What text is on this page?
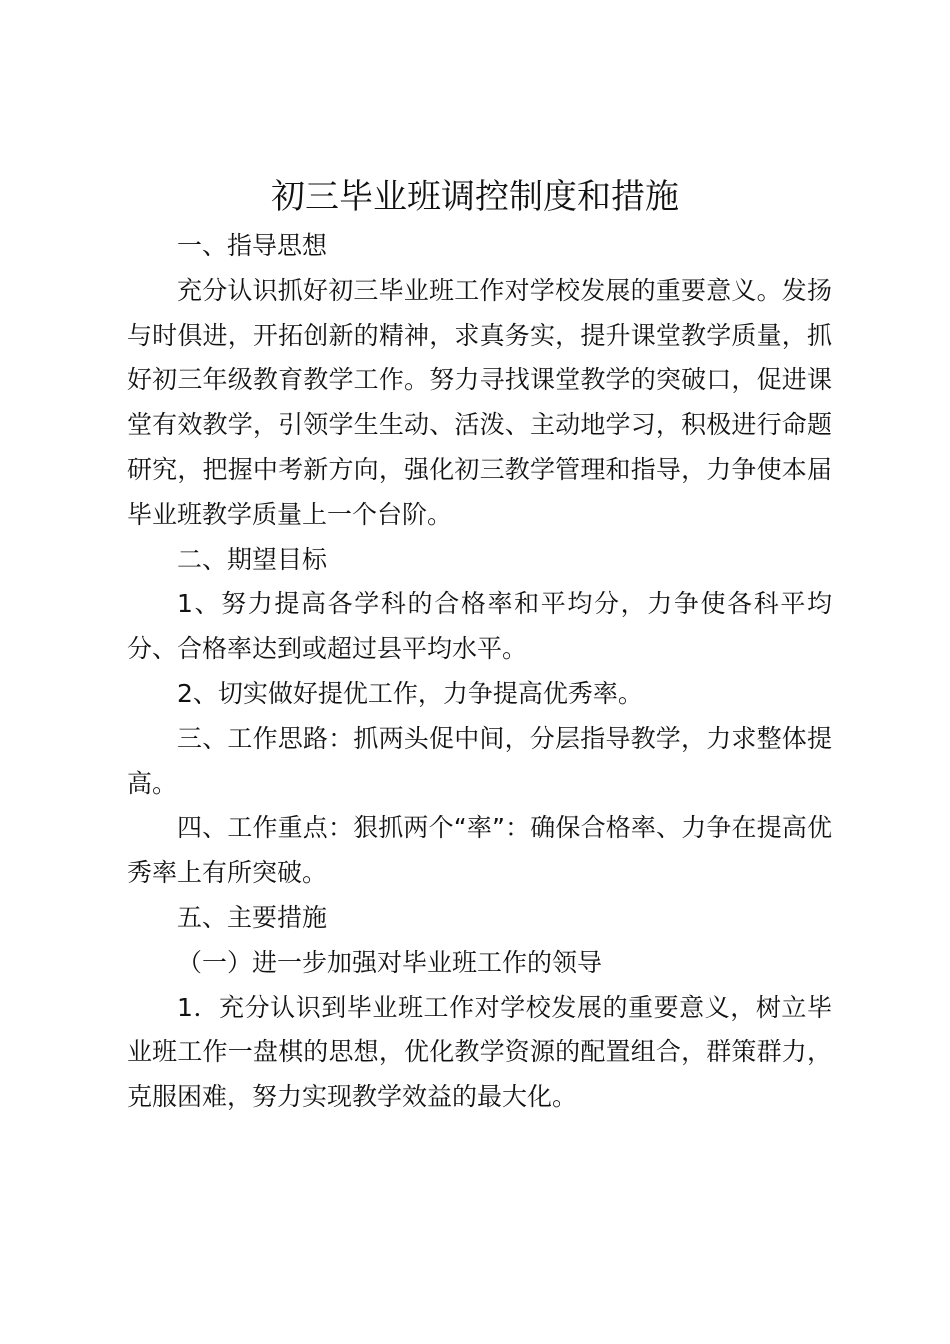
初三毕业班调控制度和措施

一、指导思想

充分认识抓好初三毕业班工作对学校发展的重要意义。发扬与时俱进，开拓创新的精神，求真务实，提升课堂教学质量，抓好初三年级教育教学工作。努力寻找课堂教学的突破口，促进课堂有效教学，引领学生生动、活泼、主动地学习，积极进行命题研究，把握中考新方向，强化初三教学管理和指导，力争使本届毕业班教学质量上一个台阶。

二、期望目标

1、努力提高各学科的合格率和平均分，力争使各科平均分、合格率达到或超过县平均水平。

2、切实做好提优工作，力争提高优秀率。

三、工作思路：抓两头促中间，分层指导教学，力求整体提高。

四、工作重点：狠抓两个“率”：确保合格率、力争在提高优秀率上有所突破。

五、主要措施

（一）进一步加强对毕业班工作的领导

1．充分认识到毕业班工作对学校发展的重要意义，树立毕业班工作一盘棋的思想，优化教学资源的配置组合，群策群力，克服困难，努力实现教学效益的最大化。
